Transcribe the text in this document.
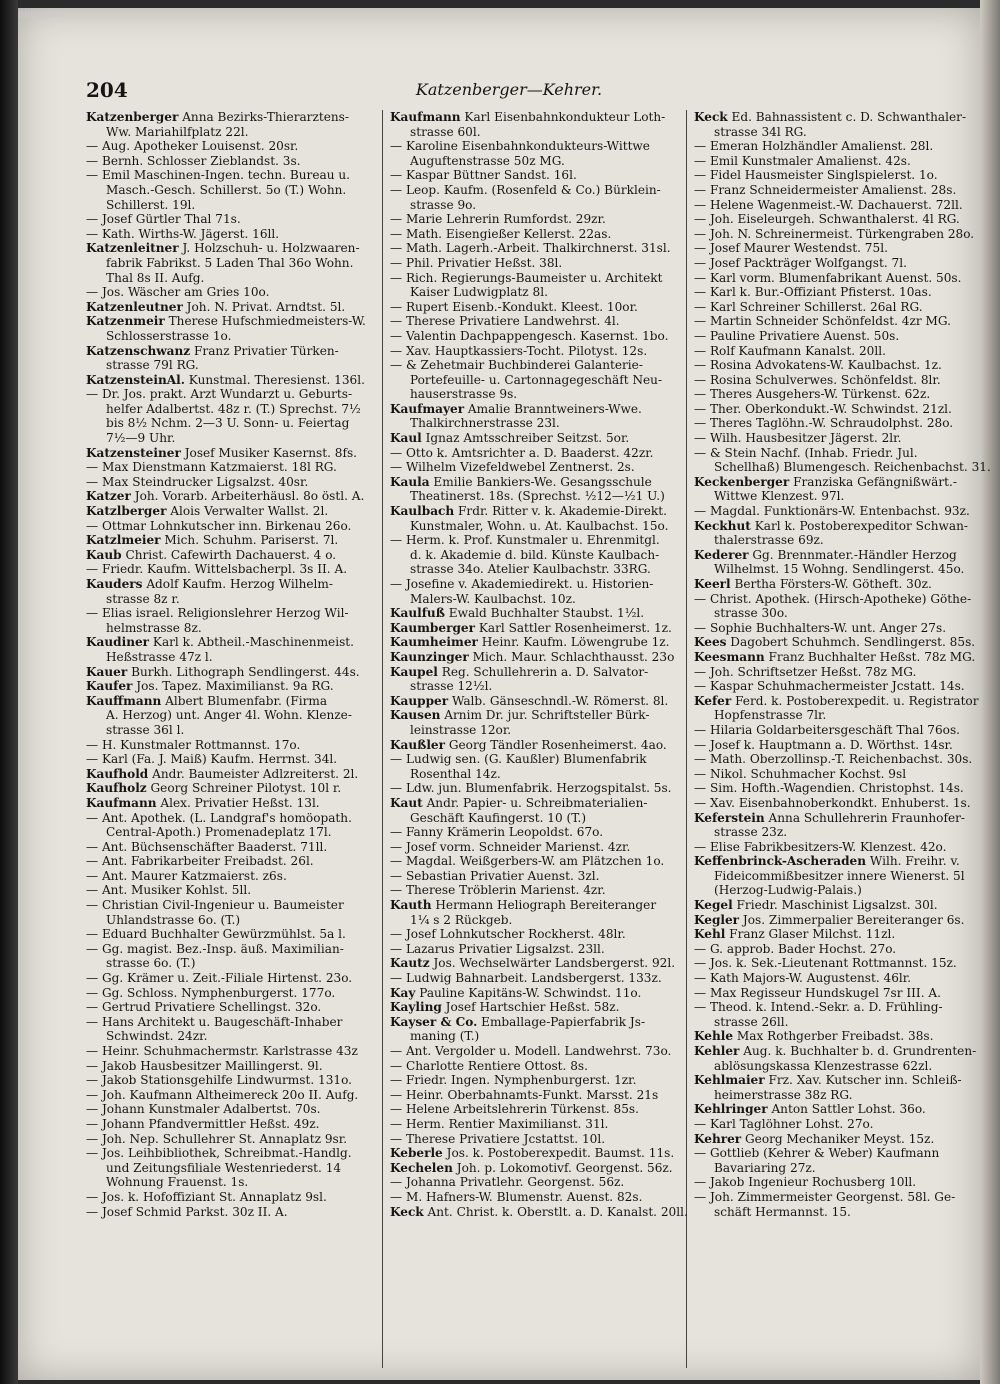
00098347
204	Katzenberger—Kehrer.

Katzenberger Anna Bezirks-Thierarztens-

Ww. Mariahilfplatz 22l.

— Aug. Apotheker Louisenst. 20sr.

— Bernh. Schlosser Zieblandst. 3s.

— Emil Maschinen-Ingen. techn. Bureau u.

Masch.-Gesch. Schillerst. 5o (T.) Wohn.

Schillerst. 19l.

— Josef Gürtler Thal 71s.

— Kath. Wirths-W. Jägerst. 16ll.

Katzenleitner J. Holzschuh- u. Holzwaaren-

fabrik Fabrikst. 5 Laden Thal 36o Wohn.

Thal 8s II. Aufg.

— Jos. Wäscher am Gries 10o.

Katzenleutner Joh. N. Privat. Arndtst. 5l.

Katzenmeir Therese Hufschmiedmeisters-W.

Schlosserstrasse 1o.

Katzenschwanz Franz Privatier Türken-

strasse 79l RG.

KatzensteinAl. Kunstmal. Theresienst. 136l.

— Dr. Jos. prakt. Arzt Wundarzt u. Geburts-

helfer Adalbertst. 48z r. (T.) Sprechst. 7½

bis 8½ Nchm. 2—3 U. Sonn- u. Feiertag

7½—9 Uhr.

Katzensteiner Josef Musiker Kasernst. 8fs.

— Max Dienstmann Katzmaierst. 18l RG.

— Max Steindrucker Ligsalzst. 40sr.

Katzer Joh. Vorarb. Arbeiterhäusl. 8o östl. A.

Katzlberger Alois Verwalter Wallst. 2l.

— Ottmar Lohnkutscher inn. Birkenau 26o.

Katzlmeier Mich. Schuhm. Pariserst. 7l.

Kaub Christ. Cafewirth Dachauerst. 4 o.

— Friedr. Kaufm. Wittelsbacherpl. 3s II. A.

Kauders Adolf Kaufm. Herzog Wilhelm-

strasse 8z r.

— Elias israel. Religionslehrer Herzog Wil-

helmstrasse 8z.

Kaudiner Karl k. Abtheil.-Maschinenmeist.

Heßstrasse 47z l.

Kauer Burkh. Lithograph Sendlingerst. 44s.

Kaufer Jos. Tapez. Maximilianst. 9a RG.

Kauffmann Albert Blumenfabr. (Firma

A. Herzog) unt. Anger 4l. Wohn. Klenze-

strasse 36l l.

— H. Kunstmaler Rottmannst. 17o.

— Karl (Fa. J. Maiß) Kaufm. Herrnst. 34l.

Kaufhold Andr. Baumeister Adlzreiterst. 2l.

Kaufholz Georg Schreiner Pilotyst. 10l r.

Kaufmann Alex. Privatier Heßst. 13l.

— Ant. Apothek. (L. Landgraf's homöopath.

Central-Apoth.) Promenadeplatz 17l.

— Ant. Büchsenschäfter Baaderst. 71ll.

— Ant. Fabrikarbeiter Freibadst. 26l.

— Ant. Maurer Katzmaierst. z6s.

— Ant. Musiker Kohlst. 5ll.

— Christian Civil-Ingenieur u. Baumeister

Uhlandstrasse 6o. (T.)

— Eduard Buchhalter Gewürzmühlst. 5a l.

— Gg. magist. Bez.-Insp. äuß. Maximilian-

strasse 6o. (T.)

— Gg. Krämer u. Zeit.-Filiale Hirtenst. 23o.

— Gg. Schloss. Nymphenburgerst. 177o.

— Gertrud Privatiere Schellingst. 32o.

— Hans Architekt u. Baugeschäft-Inhaber

Schwindst. 24zr.

— Heinr. Schuhmachermstr. Karlstrasse 43z

— Jakob Hausbesitzer Maillingerst. 9l.

— Jakob Stationsgehilfe Lindwurmst. 131o.

— Joh. Kaufmann Altheimereck 20o II. Aufg.

— Johann Kunstmaler Adalbertst. 70s.

— Johann Pfandvermittler Heßst. 49z.

— Joh. Nep. Schullehrer St. Annaplatz 9sr.

— Jos. Leihbibliothek, Schreibmat.-Handlg.

und Zeitungsfiliale Westenriederst. 14

Wohnung Frauenst. 1s.

— Jos. k. Hofoffiziant St. Annaplatz 9sl.

— Josef Schmid Parkst. 30z II. A.

Kaufmann Karl Eisenbahnkondukteur Loth-

strasse 60l.

— Karoline Eisenbahnkondukteurs-Wittwe

Auguftenstrasse 50z MG.

— Kaspar Büttner Sandst. 16l.

— Leop. Kaufm. (Rosenfeld & Co.) Bürklein-

strasse 9o.

— Marie Lehrerin Rumfordst. 29zr.

— Math. Eisengießer Kellerst. 22as.

— Math. Lagerh.-Arbeit. Thalkirchnerst. 31sl.

— Phil. Privatier Heßst. 38l.

— Rich. Regierungs-Baumeister u. Architekt

Kaiser Ludwigplatz 8l.

— Rupert Eisenb.-Kondukt. Kleest. 10or.

— Therese Privatiere Landwehrst. 4l.

— Valentin Dachpappengesch. Kasernst. 1bo.

— Xav. Hauptkassiers-Tocht. Pilotyst. 12s.

— & Zehetmair Buchbinderei Galanterie-

Portefeuille- u. Cartonnagegeschäft Neu-

hauserstrasse 9s.

Kaufmayer Amalie Branntweiners-Wwe.

Thalkirchnerstrasse 23l.

Kaul Ignaz Amtsschreiber Seitzst. 5or.

— Otto k. Amtsrichter a. D. Baaderst. 42zr.

— Wilhelm Vizefeldwebel Zentnerst. 2s.

Kaula Emilie Bankiers-We. Gesangsschule

Theatinerst. 18s. (Sprechst. ½12—½1 U.)

Kaulbach Frdr. Ritter v. k. Akademie-Direkt.

Kunstmaler, Wohn. u. At. Kaulbachst. 15o.

— Herm. k. Prof. Kunstmaler u. Ehrenmitgl.

d. k. Akademie d. bild. Künste Kaulbach-

strasse 34o. Atelier Kaulbachstr. 33RG.

— Josefine v. Akademiedirekt. u. Historien-

Malers-W. Kaulbachst. 10z.

Kaulfuß Ewald Buchhalter Staubst. 1½l.

Kaumberger Karl Sattler Rosenheimerst. 1z.

Kaumheimer Heinr. Kaufm. Löwengrube 1z.

Kaunzinger Mich. Maur. Schlachthausst. 23o

Kaupel Reg. Schullehrerin a. D. Salvator-

strasse 12½l.

Kaupper Walb. Gänseschndl.-W. Römerst. 8l.

Kausen Arnim Dr. jur. Schriftsteller Bürk-

leinstrasse 12or.

Kaußler Georg Tändler Rosenheimerst. 4ao.

— Ludwig sen. (G. Kaußler) Blumenfabrik

Rosenthal 14z.

— Ldw. jun. Blumenfabrik. Herzogspitalst. 5s.

Kaut Andr. Papier- u. Schreibmaterialien-

Geschäft Kaufingerst. 10 (T.)

— Fanny Krämerin Leopoldst. 67o.

— Josef vorm. Schneider Marienst. 4zr.

— Magdal. Weißgerbers-W. am Plätzchen 1o.

— Sebastian Privatier Auenst. 3zl.

— Therese Tröblerin Marienst. 4zr.

Kauth Hermann Heliograph Bereiteranger

1¼ s 2 Rückgeb.

— Josef Lohnkutscher Rockherst. 48lr.

— Lazarus Privatier Ligsalzst. 23ll.

Kautz Jos. Wechselwärter Landsbergerst. 92l.

— Ludwig Bahnarbeit. Landsbergerst. 133z.

Kay Pauline Kapitäns-W. Schwindst. 11o.

Kayling Josef Hartschier Heßst. 58z.

Kayser & Co. Emballage-Papierfabrik Js-

maning (T.)

— Ant. Vergolder u. Modell. Landwehrst. 73o.

— Charlotte Rentiere Ottost. 8s.

— Friedr. Ingen. Nymphenburgerst. 1zr.

— Heinr. Oberbahnamts-Funkt. Marsst. 21s

— Helene Arbeitslehrerin Türkenst. 85s.

— Herm. Rentier Maximilianst. 31l.

— Therese Privatiere Jcstattst. 10l.

Keberle Jos. k. Postoberexpedit. Baumst. 11s.

Kechelen Joh. p. Lokomotivf. Georgenst. 56z.

— Johanna Privatlehr. Georgenst. 56z.

— M. Hafners-W. Blumenstr. Auenst. 82s.

Keck Ant. Christ. k. Oberstlt. a. D. Kanalst. 20ll.

Keck Ed. Bahnassistent c. D. Schwanthaler-

strasse 34l RG.

— Emeran Holzhändler Amalienst. 28l.

— Emil Kunstmaler Amalienst. 42s.

— Fidel Hausmeister Singlspielerst. 1o.

— Franz Schneidermeister Amalienst. 28s.

— Helene Wagenmeist.-W. Dachauerst. 72ll.

— Joh. Eiseleurgeh. Schwanthalerst. 4l RG.

— Joh. N. Schreinermeist. Türkengraben 28o.

— Josef Maurer Westendst. 75l.

— Josef Packträger Wolfgangst. 7l.

— Karl vorm. Blumenfabrikant Auenst. 50s.

— Karl k. Bur.-Offiziant Pfisterst. 10as.

— Karl Schreiner Schillerst. 26al RG.

— Martin Schneider Schönfeldst. 4zr MG.

— Pauline Privatiere Auenst. 50s.

— Rolf Kaufmann Kanalst. 20ll.

— Rosina Advokatens-W. Kaulbachst. 1z.

— Rosina Schulverwes. Schönfeldst. 8lr.

— Theres Ausgehers-W. Türkenst. 62z.

— Ther. Oberkondukt.-W. Schwindst. 21zl.

— Theres Taglöhn.-W. Schraudolphst. 28o.

— Wilh. Hausbesitzer Jägerst. 2lr.

— & Stein Nachf. (Inhab. Friedr. Jul.

Schellhaß) Blumengesch. Reichenbachst. 31.

Keckenberger Franziska Gefängnißwärt.-

Wittwe Klenzest. 97l.

— Magdal. Funktionärs-W. Entenbachst. 93z.

Keckhut Karl k. Postoberexpeditor Schwan-

thalerstrasse 69z.

Kederer Gg. Brennmater.-Händler Herzog

Wilhelmst. 15 Wohng. Sendlingerst. 45o.

Keerl Bertha Försters-W. Götheft. 30z.

— Christ. Apothek. (Hirsch-Apotheke) Göthe-

strasse 30o.

— Sophie Buchhalters-W. unt. Anger 27s.

Kees Dagobert Schuhmch. Sendlingerst. 85s.

Keesmann Franz Buchhalter Heßst. 78z MG.

— Joh. Schriftsetzer Heßst. 78z MG.

— Kaspar Schuhmachermeister Jcstatt. 14s.

Kefer Ferd. k. Postoberexpedit. u. Registrator

Hopfenstrasse 7lr.

— Hilaria Goldarbeitersgeschäft Thal 76os.

— Josef k. Hauptmann a. D. Wörthst. 14sr.

— Math. Oberzollinsp.-T. Reichenbachst. 30s.

— Nikol. Schuhmacher Kochst. 9sl

— Sim. Hofth.-Wagendien. Christophst. 14s.

— Xav. Eisenbahnoberkondkt. Enhuberst. 1s.

Keferstein Anna Schullehrerin Fraunhofer-

strasse 23z.

— Elise Fabrikbesitzers-W. Klenzest. 42o.

Keffenbrinck-Ascheraden Wilh. Freihr. v.

Fideicommißbesitzer innere Wienerst. 5l

(Herzog-Ludwig-Palais.)

Kegel Friedr. Maschinist Ligsalzst. 30l.

Kegler Jos. Zimmerpalier Bereiteranger 6s.

Kehl Franz Glaser Milchst. 11zl.

— G. approb. Bader Hochst. 27o.

— Jos. k. Sek.-Lieutenant Rottmannst. 15z.

— Kath Majors-W. Augustenst. 46lr.

— Max Regisseur Hundskugel 7sr III. A.

— Theod. k. Intend.-Sekr. a. D. Frühling-

strasse 26ll.

Kehle Max Rothgerber Freibadst. 38s.

Kehler Aug. k. Buchhalter b. d. Grundrenten-

ablösungskassa Klenzestrasse 62zl.

Kehlmaier Frz. Xav. Kutscher inn. Schleiß-

heimerstrasse 38z RG.

Kehlringer Anton Sattler Lohst. 36o.

— Karl Taglöhner Lohst. 27o.

Kehrer Georg Mechaniker Meyst. 15z.

— Gottlieb (Kehrer & Weber) Kaufmann

Bavariaring 27z.

— Jakob Ingenieur Rochusberg 10ll.

— Joh. Zimmermeister Georgenst. 58l. Ge-

schäft Hermannst. 15.
